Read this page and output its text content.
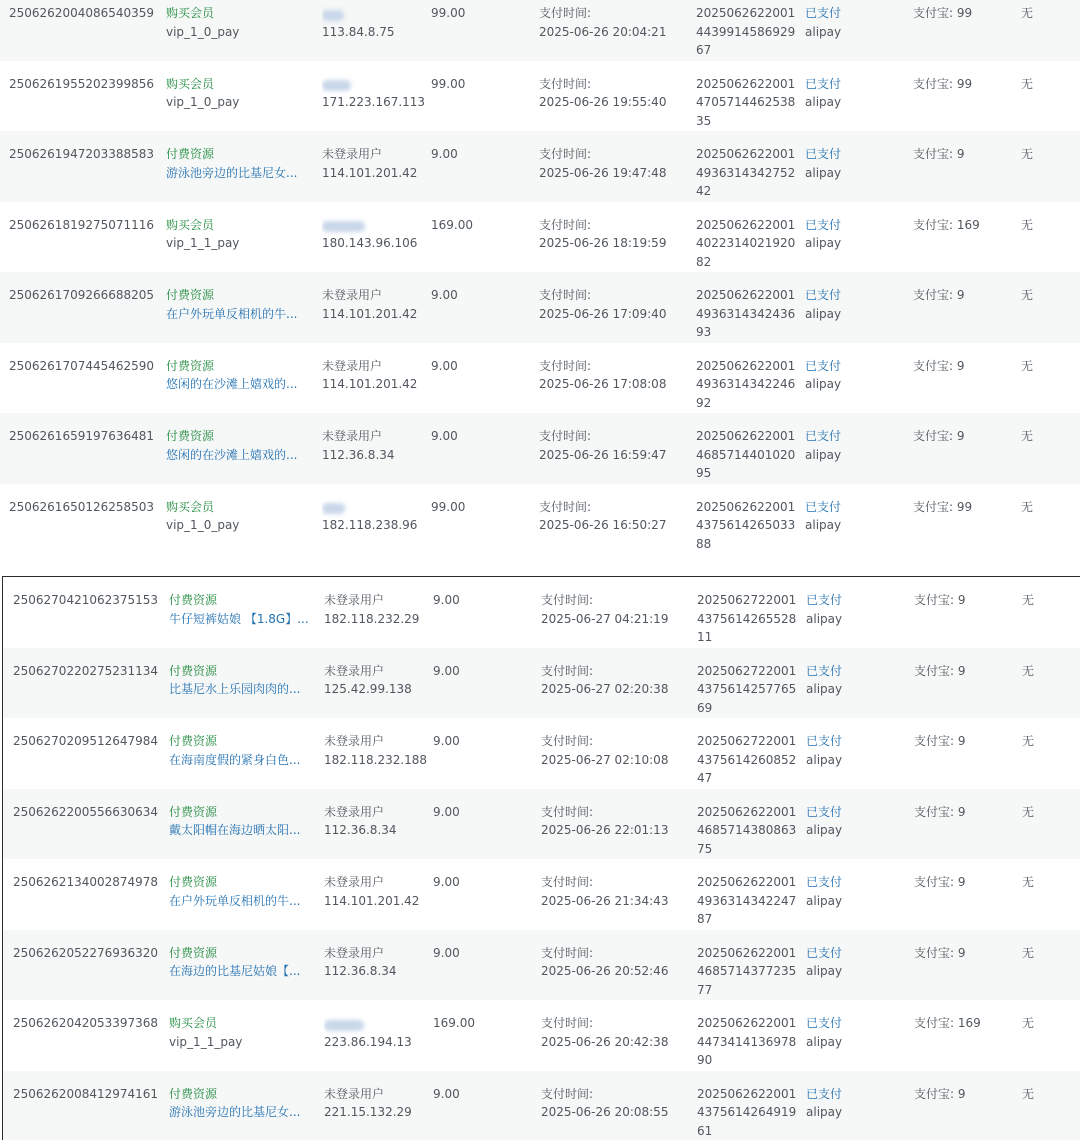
2506262004086540359 购买会员
vip_1_0_pay	113.84.8.75
99.00	支付时间:
2025-06-26 20:04:21
2025062622001443991458692967
已支付
alipay
支付宝: 99	无
2506261955202399856 购买会员
vip_1_0_pay	171.223.167.113
99.00	支付时间:
2025-06-26 19:55:40
2025062622001470571446253835
已支付
alipay
支付宝: 99	无
2506261947203388583 付费资源
游泳池旁边的比基尼女...
未登录用户
114.101.201.42
9.00	支付时间:
2025-06-26 19:47:48
2025062622001493631434275242
已支付
alipay
支付宝: 9	无
2506261819275071116 购买会员
vip_1_1_pay	180.143.96.106
169.00	支付时间:
2025-06-26 18:19:59
2025062622001402231402192082
已支付
alipay
支付宝: 169	无
2506261709266688205 付费资源
在户外玩单反相机的牛...
未登录用户
114.101.201.42
9.00	支付时间:
2025-06-26 17:09:40
2025062622001493631434243693
已支付
alipay
支付宝: 9	无
2506261707445462590 付费资源
悠闲的在沙滩上嬉戏的...
未登录用户
114.101.201.42
9.00	支付时间:
2025-06-26 17:08:08
2025062622001493631434224692
已支付
alipay
支付宝: 9	无
2506261659197636481 付费资源
悠闲的在沙滩上嬉戏的...
未登录用户
112.36.8.34
9.00	支付时间:
2025-06-26 16:59:47
2025062622001468571440102095
已支付
alipay
支付宝: 9	无
2506261650126258503 购买会员
vip_1_0_pay	182.118.238.96
99.00	支付时间:
2025-06-26 16:50:27
2025062622001437561426503388
已支付
alipay
支付宝: 99	无
2506270421062375153 付费资源
牛仔短裤姑娘 【1.8G】...
未登录用户
182.118.232.29
9.00	支付时间:
2025-06-27 04:21:19
2025062722001437561426552811
已支付
alipay
支付宝: 9	无
2506270220275231134 付费资源
比基尼水上乐园肉肉的...
未登录用户
125.42.99.138
9.00	支付时间:
2025-06-27 02:20:38
2025062722001437561425776569
已支付
alipay
支付宝: 9	无
2506270209512647984 付费资源
在海南度假的紧身白色...
未登录用户
182.118.232.188
9.00	支付时间:
2025-06-27 02:10:08
2025062722001437561426085247
已支付
alipay
支付宝: 9	无
2506262200556630634 付费资源
戴太阳帽在海边晒太阳...
未登录用户
112.36.8.34
9.00	支付时间:
2025-06-26 22:01:13
2025062622001468571438086375
已支付
alipay
支付宝: 9	无
2506262134002874978 付费资源
在户外玩单反相机的牛...
未登录用户
114.101.201.42
9.00	支付时间:
2025-06-26 21:34:43
2025062622001493631434224787
已支付
alipay
支付宝: 9	无
2506262052276936320 付费资源
在海边的比基尼姑娘【...
未登录用户
112.36.8.34
9.00	支付时间:
2025-06-26 20:52:46
2025062622001468571437723577
已支付
alipay
支付宝: 9	无
2506262042053397368 购买会员
vip_1_1_pay	223.86.194.13
169.00	支付时间:
2025-06-26 20:42:38
2025062622001447341413697890
已支付
alipay
支付宝: 169	无
2506262008412974161 付费资源
游泳池旁边的比基尼女...
未登录用户
221.15.132.29
9.00	支付时间:
2025-06-26 20:08:55
2025062622001437561426491961
已支付
alipay
支付宝: 9	无
